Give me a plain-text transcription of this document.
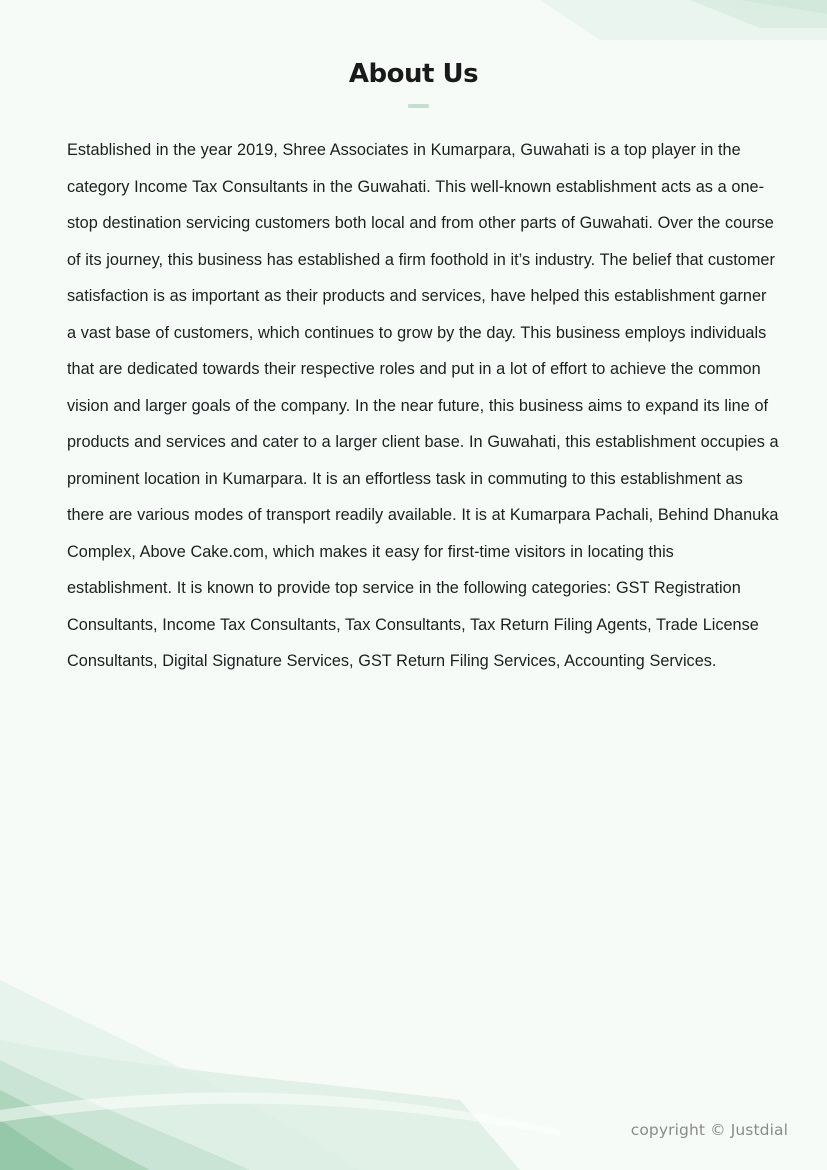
About Us

Established in the year 2019, Shree Associates in Kumarpara, Guwahati is a top player in the category Income Tax Consultants in the Guwahati. This well-known establishment acts as a one-stop destination servicing customers both local and from other parts of Guwahati. Over the course of its journey, this business has established a firm foothold in it’s industry. The belief that customer satisfaction is as important as their products and services, have helped this establishment garner a vast base of customers, which continues to grow by the day. This business employs individuals that are dedicated towards their respective roles and put in a lot of effort to achieve the common vision and larger goals of the company. In the near future, this business aims to expand its line of products and services and cater to a larger client base. In Guwahati, this establishment occupies a prominent location in Kumarpara. It is an effortless task in commuting to this establishment as there are various modes of transport readily available. It is at Kumarpara Pachali, Behind Dhanuka Complex, Above Cake.com, which makes it easy for first-time visitors in locating this establishment. It is known to provide top service in the following categories: GST Registration Consultants, Income Tax Consultants, Tax Consultants, Tax Return Filing Agents, Trade License Consultants, Digital Signature Services, GST Return Filing Services, Accounting Services.

copyright © Justdial
